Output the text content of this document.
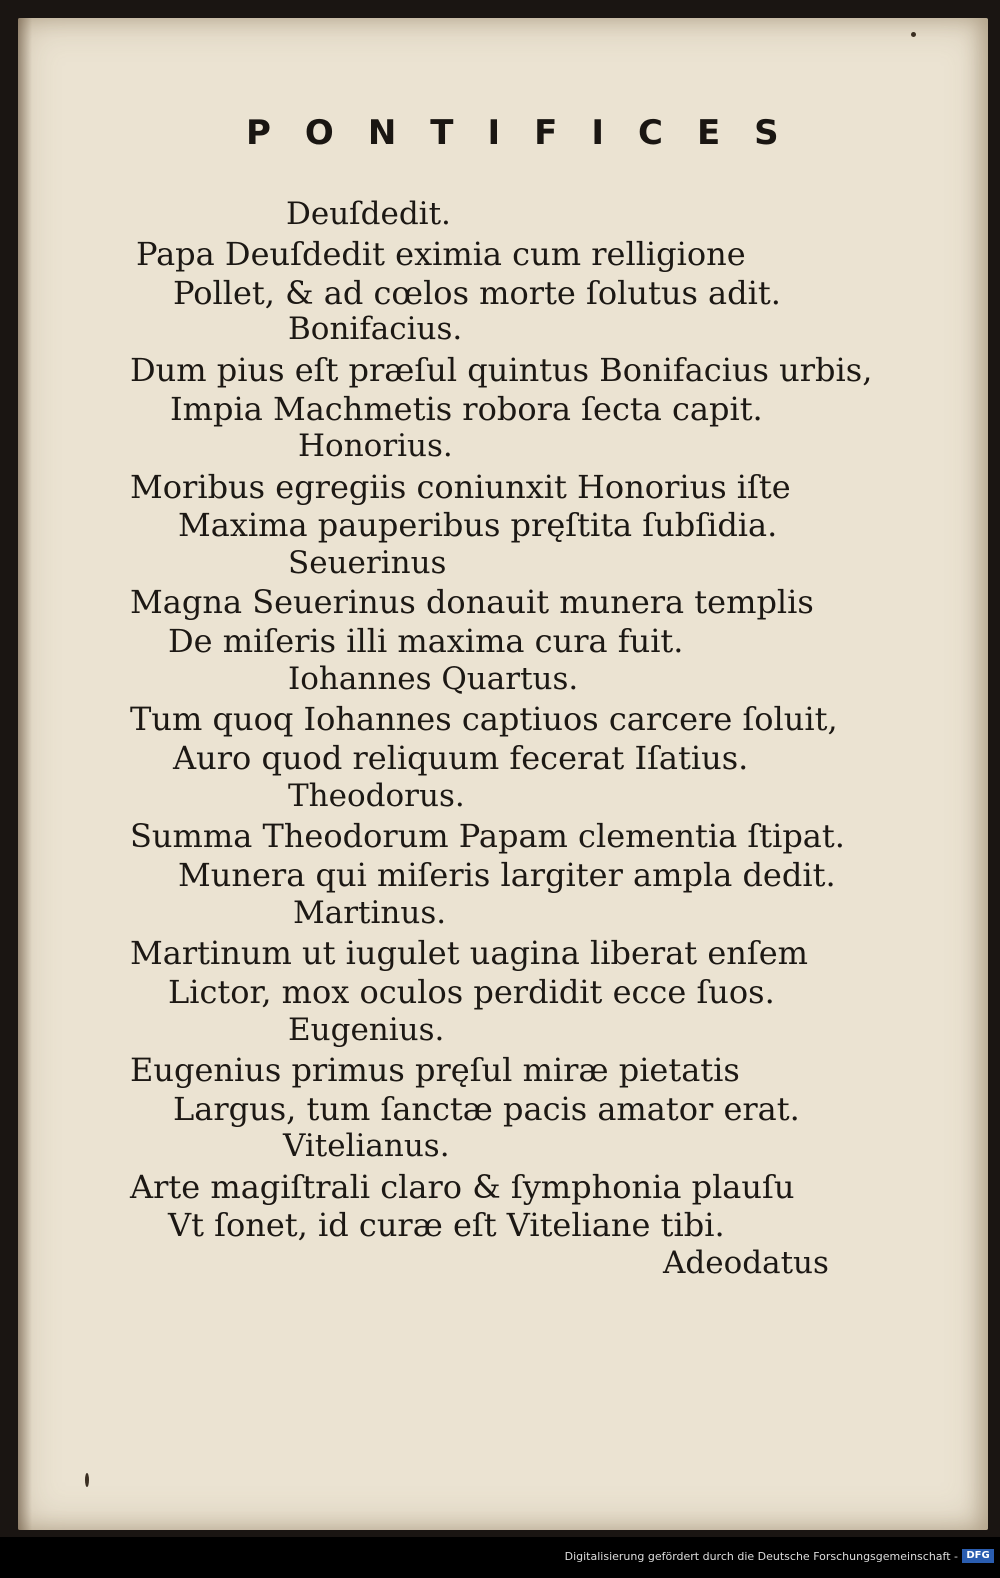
PONTIFICES
Deuſdedit.
Papa Deuſdedit eximia cum relligione
Pollet, & ad cœlos morte ſolutus adit.
Bonifacius.
Dum pius eſt præſul quintus Bonifacius urbis,
Impia Machmetis robora ſecta capit.
Honorius.
Moribus egregiis coniunxit Honorius iſte
Maxima pauperibus pręſtita ſubſidia.
Seuerinus
Magna Seuerinus donauit munera templis
De miſeris illi maxima cura fuit.
Iohannes Quartus.
Tum quoq Iohannes captiuos carcere ſoluit,
Auro quod reliquum fecerat Iſatius.
Theodorus.
Summa Theodorum Papam clementia ſtipat.
Munera qui miſeris largiter ampla dedit.
Martinus.
Martinum ut iugulet uagina liberat enſem
Lictor, mox oculos perdidit ecce ſuos.
Eugenius.
Eugenius primus pręſul miræ pietatis
Largus, tum ſanctæ pacis amator erat.
Vitelianus.
Arte magiſtrali claro & ſymphonia plauſu
Vt ſonet, id curæ eſt Viteliane tibi.
Adeodatus
Digitalisierung gefördert durch die Deutsche Forschungsgemeinschaft - DFG
